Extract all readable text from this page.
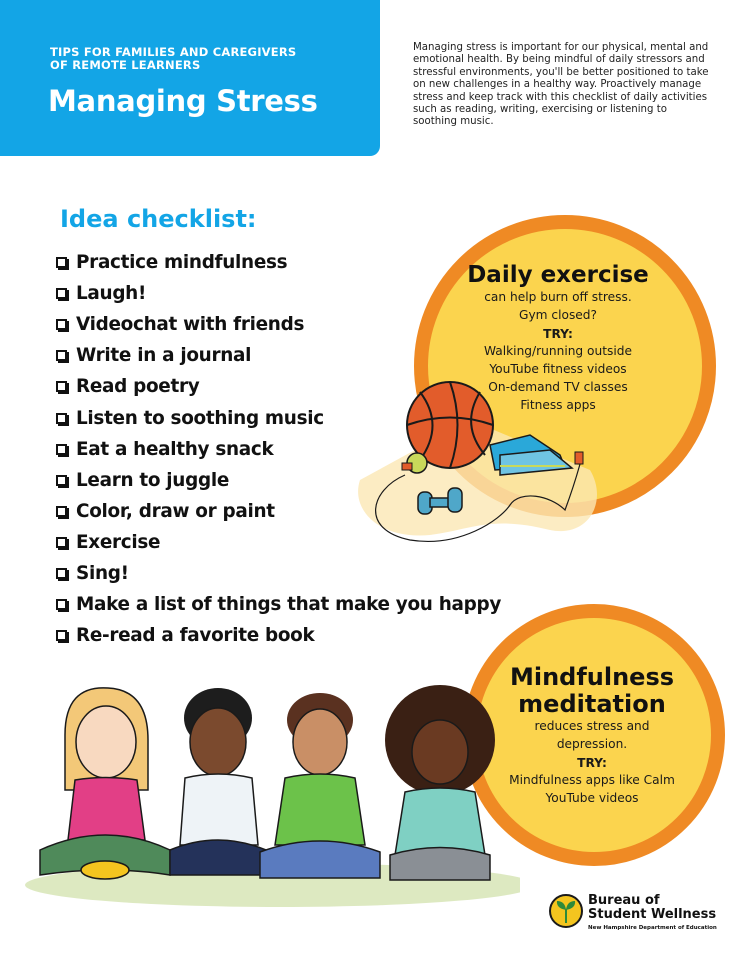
TIPS FOR FAMILIES AND CAREGIVERS
OF REMOTE LEARNERS
Managing Stress
Managing stress is important for our physical, mental and emotional health. By being mindful of daily stressors and stressful environments, you'll be better positioned to take on new challenges in a healthy way. Proactively manage stress and keep track with this checklist of daily activities such as reading, writing, exercising or listening to soothing music.
Idea checklist:
Practice mindfulness
Laugh!
Videochat with friends
Write in a journal
Read poetry
Listen to soothing music
Eat a healthy snack
Learn to juggle
Color, draw or paint
Exercise
Sing!
Make a list of things that make you happy
Re-read a favorite book
Daily exercise
can help burn off stress.
Gym closed?
TRY:
Walking/running outside
YouTube fitness videos
On-demand TV classes
Fitness apps
Mindfulness
meditation
reduces stress and
depression.
TRY:
Mindfulness apps like Calm
YouTube videos
Bureau of
Student Wellness
New Hampshire Department of Education
